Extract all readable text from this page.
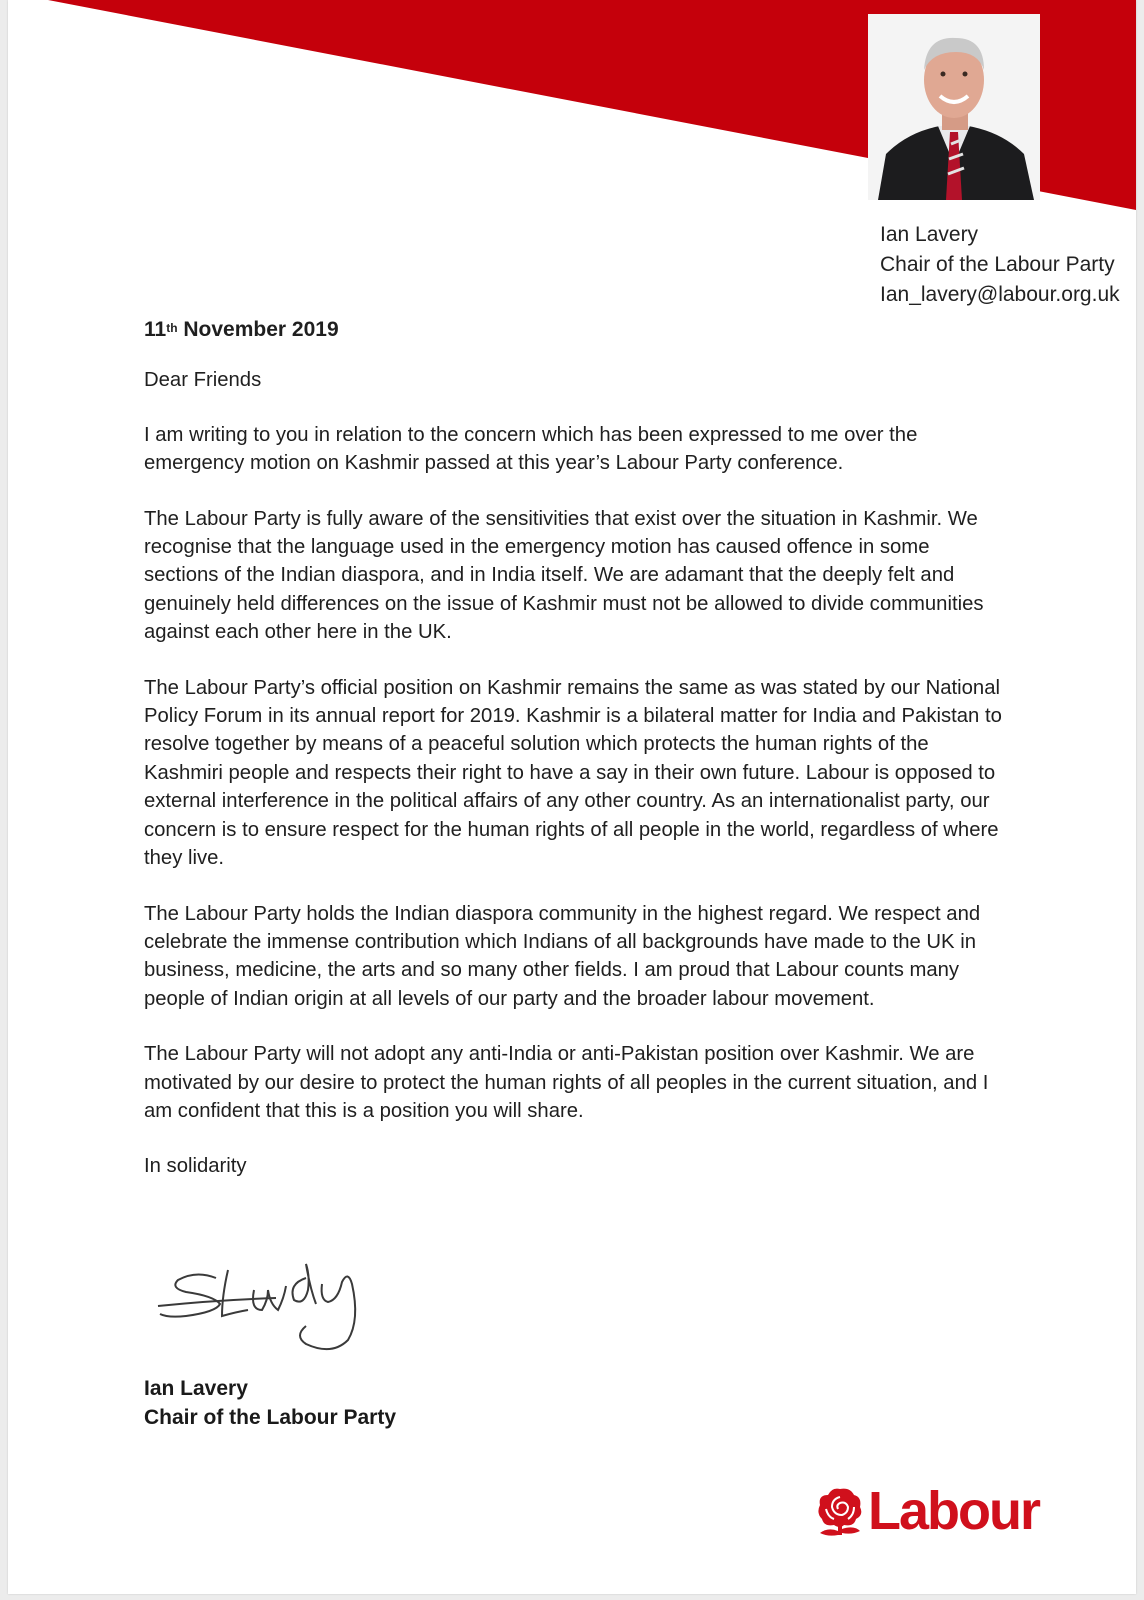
Ian Lavery
Chair of the Labour Party
Ian_lavery@labour.org.uk
11th November 2019
Dear Friends

I am writing to you in relation to the concern which has been expressed to me over the emergency motion on Kashmir passed at this year’s Labour Party conference.

The Labour Party is fully aware of the sensitivities that exist over the situation in Kashmir. We recognise that the language used in the emergency motion has caused offence in some sections of the Indian diaspora, and in India itself. We are adamant that the deeply felt and genuinely held differences on the issue of Kashmir must not be allowed to divide communities against each other here in the UK.

The Labour Party’s official position on Kashmir remains the same as was stated by our National Policy Forum in its annual report for 2019. Kashmir is a bilateral matter for India and Pakistan to resolve together by means of a peaceful solution which protects the human rights of the Kashmiri people and respects their right to have a say in their own future. Labour is opposed to external interference in the political affairs of any other country. As an internationalist party, our concern is to ensure respect for the human rights of all people in the world, regardless of where they live.

The Labour Party holds the Indian diaspora community in the highest regard. We respect and celebrate the immense contribution which Indians of all backgrounds have made to the UK in business, medicine, the arts and so many other fields. I am proud that Labour counts many people of Indian origin at all levels of our party and the broader labour movement.

The Labour Party will not adopt any anti-India or anti-Pakistan position over Kashmir. We are motivated by our desire to protect the human rights of all peoples in the current situation, and I am confident that this is a position you will share.

In solidarity

Ian Lavery
Chair of the Labour Party
Labour
